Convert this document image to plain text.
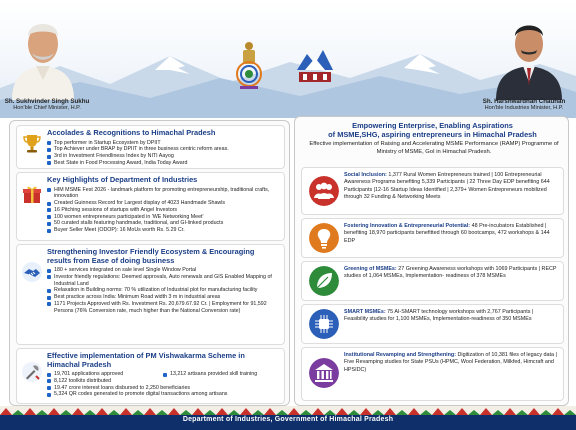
Sh. Sukhvinder Singh Sukhu
Hon'ble Chief Minister, H.P.
Sh. Harshwardhan Chauhan
Hon'ble Industries Minister, H.P.
Accolades & Recognitions to Himachal Pradesh
Top performer in Startup Ecosystem by DPIIT
Top Achiever under BRAP by DPIIT in three business centric reform areas.
3rd in Investment Friendliness Index by NITI Aayog
Best State in Food Processing Award, India Today Award
Key Highlights of Department of Industries
HIM MSME Fest 2026 - landmark platform for promoting entrepreneurship, traditional crafts, innovation
Created Guinness Record for Largest display of 4023 Handmade Shawls
16 Pitching sessions of startups with Angel Investors
100 women entrepreneurs participated in 'WE Networking Meet'
50 curated stalls featuring handmade, traditional, and GI-linked products
Buyer Seller Meet (ODOP): 16 MoUs worth Rs. 5.29 Cr.
Strengthening Investor Friendly Ecosystem & Encouraging results from Ease of doing business
180 + services integrated on sale level Single Window Portal
Investor friendly regulations: Deemed approvals, Auto renewals and GIS Enabled Mapping of Industrial Land
Relaxation in Building norms: 70 % utilization of Industrial plot for manufacturing facility
Best practice across India: Minimum Road width 3 m in industrial areas
1171 Projects Approved with Rs. Investment Rs. 20,679.67.92 Cr. | Employment for 91,592 Persons (76% Conversion rate, much higher than the National Conversion rate)
Effective implementation of PM Vishwakarma Scheme in Himachal Pradesh
19,701 applications approved	13,212 artisans provided skill training
8,122 toolkits distributed
19.47 crore interest loans disbursed to 2,250 beneficiaries
5,324 QR codes generated to promote digital transactions among artisans
Empowering Enterprise, Enabling Aspirations
of MSME,SHG, aspiring entrepreneurs in Himachal Pradesh
Effective implementation of Raising and Accelerating MSME Performance (RAMP) Programme of Ministry of MSME, GoI in Himachal Pradesh.
Social Inclusion: 1,377 Rural Women Entrepreneurs trained | 100 Entrepreneurial Awareness Programs benefiting 5,339 Participants | 22 Three Day EDP benefiting 644 Participants |12-16 Startup Ideas Identified | 2,379+ Women Entrepreneurs mobilized through 32 Funding & Networking Meets
Fostering Innovation & Entrepreneurial Potential: 48 Pre-incubators Established | benefiting 18,970 participants benefitted through 60 bootcamps, 472 workshops & 144 EDP
Greening of MSMEs: 27 Greening Awareness workshops with 1069 Participants | RECP studies of 1,064 MSMEs, Implementation- readiness of 378 MSMEs
SMART MSMEs: 75 AI-SMART technology workshops with 2,767 Participants | Feasibility studies for 1,100 MSMEs, Implementation-readiness of 350 MSMEs
Institutional Revamping and Strengthening: Digitization of 10,381 files of legacy data | Five Revamping studies for State PSUs (HPMC, Wool Federation, Milkfed, Himcraft and HPSIDC)
Department of Industries, Government of Himachal Pradesh
